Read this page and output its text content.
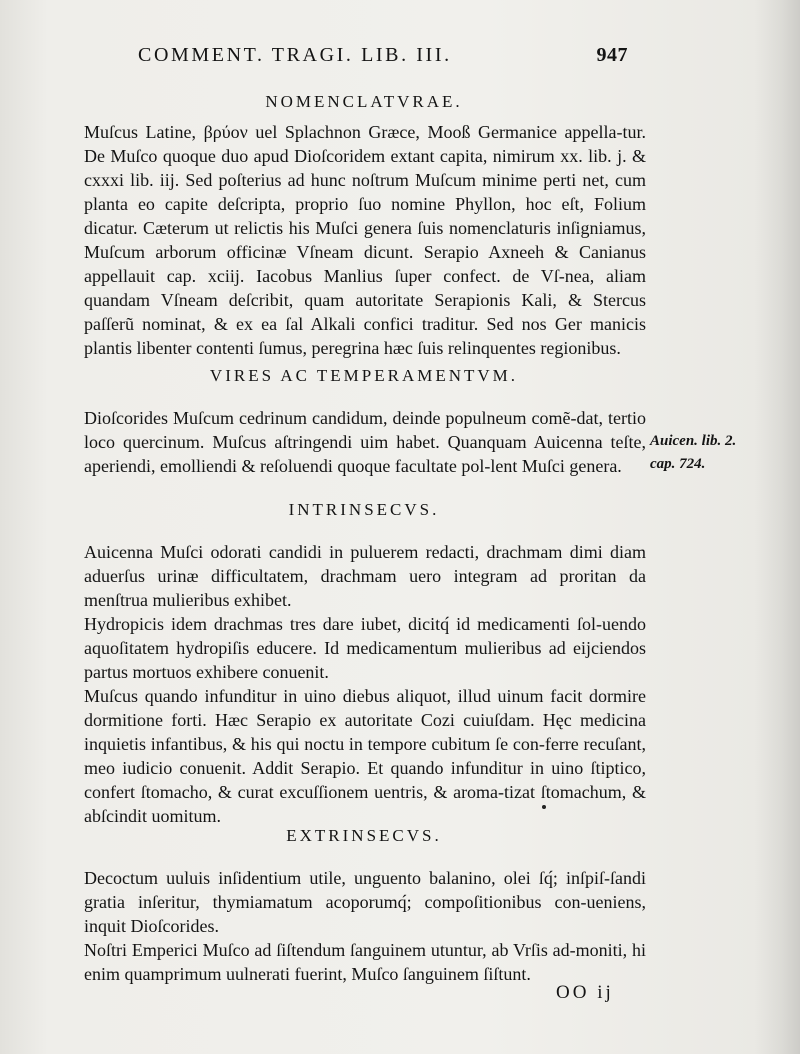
COMMENT. TRAGI. LIB. III.	947
NOMENCLATVRAE.

Muſcus Latine, βρύον uel Splachnon Græce, Mooß Germanice appella-tur. De Muſco quoque duo apud Dioſcoridem extant capita, nimirum xx. lib. j. & cxxxi lib. iij. Sed poſterius ad hunc noſtrum Muſcum minime perti net, cum planta eo capite deſcripta, proprio ſuo nomine Phyllon, hoc eſt, Folium dicatur. Cæterum ut relictis his Muſci genera ſuis nomenclaturis inſigniamus, Muſcum arborum officinæ Vſneam dicunt. Serapio Axneeh & Canianus appellauit cap. xciij. Iacobus Manlius ſuper confect. de Vſ-nea, aliam quandam Vſneam deſcribit, quam autoritate Serapionis Kali, & Stercus paſſerũ nominat, & ex ea ſal Alkali confici traditur. Sed nos Ger manicis plantis libenter contenti ſumus, peregrina hæc ſuis relinquentes regionibus.

VIRES AC TEMPERAMENTVM.

Dioſcorides Muſcum cedrinum candidum, deinde populneum comẽ-dat, tertio loco quercinum. Muſcus aſtringendi uim habet. Quanquam Auicenna teſte, aperiendi, emolliendi & reſoluendi quoque facultate pol-lent Muſci genera.

Auicen. lib. 2.
cap. 724.
INTRINSECVS.

Auicenna Muſci odorati candidi in puluerem redacti, drachmam dimi diam aduerſus urinæ difficultatem, drachmam uero integram ad proritan da menſtrua mulieribus exhibet.

Hydropicis idem drachmas tres dare iubet, dicitq́ id medicamenti ſol-uendo aquoſitatem hydropiſis educere. Id medicamentum mulieribus ad eijciendos partus mortuos exhibere conuenit.

Muſcus quando infunditur in uino diebus aliquot, illud uinum facit dormire dormitione forti. Hæc Serapio ex autoritate Cozi cuiuſdam. Hęc medicina inquietis infantibus, & his qui noctu in tempore cubitum ſe con-ferre recuſant, meo iudicio conuenit. Addit Serapio. Et quando infunditur in uino ſtiptico, confert ſtomacho, & curat excuſſionem uentris, & aroma-tizat ſtomachum, & abſcindit uomitum.

EXTRINSECVS.

Decoctum uuluis inſidentium utile, unguento balanino, olei ſq́; inſpiſ-ſandi gratia inſeritur, thymiamatum acoporumq́; compoſitionibus con-ueniens, inquit Dioſcorides.

Noſtri Emperici Muſco ad ſiſtendum ſanguinem utuntur, ab Vrſis ad-moniti, hi enim quamprimum uulnerati fuerint, Muſco ſanguinem ſiſtunt.

OO ij
